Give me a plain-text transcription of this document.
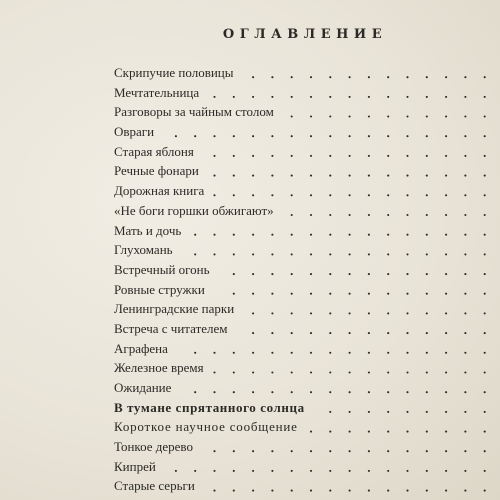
ОГЛАВЛЕНИЕ
Скрипучие половицы
Мечтательница
Разговоры за чайным столом
Овраги
Старая яблоня
Речные фонари
Дорожная книга
«Не боги горшки обжигают»
Мать и дочь
Глухомань
Встречный огонь
Ровные стружки
Ленинградские парки
Встреча с читателем
Аграфена
Железное время
Ожидание
В тумане спрятанного солнца
Короткое научное сообщение
Тонкое дерево
Кипрей
Старые серьги
